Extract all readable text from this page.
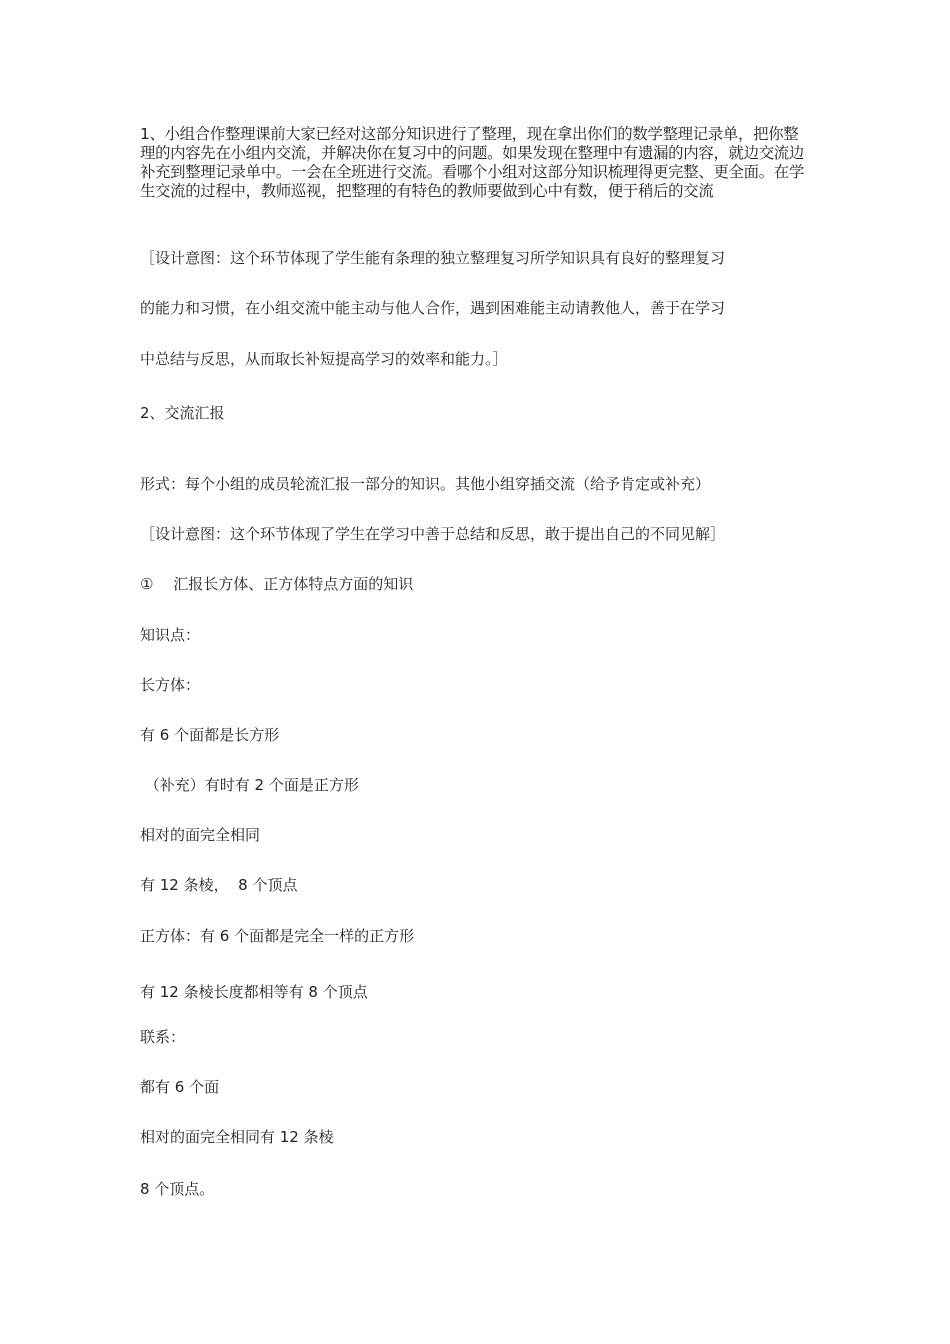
1、小组合作整理课前大家已经对这部分知识进行了整理，现在拿出你们的数学整理记录单，把你整理的内容先在小组内交流，并解决你在复习中的问题。如果发现在整理中有遗漏的内容，就边交流边补充到整理记录单中。一会在全班进行交流。看哪个小组对这部分知识梳理得更完整、更全面。在学生交流的过程中，教师巡视，把整理的有特色的教师要做到心中有数，便于稍后的交流

［设计意图：这个环节体现了学生能有条理的独立整理复习所学知识具有良好的整理复习

的能力和习惯，在小组交流中能主动与他人合作，遇到困难能主动请教他人，善于在学习

中总结与反思，从而取长补短提高学习的效率和能力。］

2、交流汇报

形式：每个小组的成员轮流汇报一部分的知识。其他小组穿插交流（给予肯定或补充）

［设计意图：这个环节体现了学生在学习中善于总结和反思，敢于提出自己的不同见解］

①　 汇报长方体、正方体特点方面的知识

知识点：

长方体：

有 6 个面都是长方形

（补充）有时有 2 个面是正方形

相对的面完全相同

有 12 条棱，  8 个顶点

正方体：有 6 个面都是完全一样的正方形

有 12 条棱长度都相等有 8 个顶点

联系：

都有 6 个面

相对的面完全相同有 12 条棱

8 个顶点。
